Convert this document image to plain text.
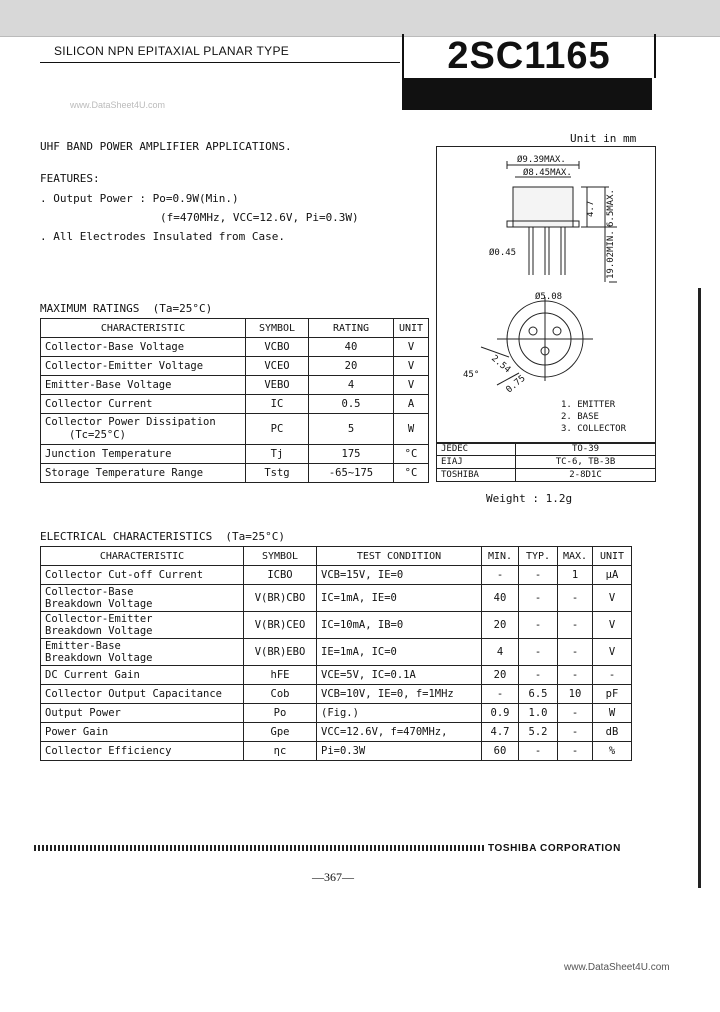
SILICON NPN EPITAXIAL PLANAR TYPE	2SC1165
www.DataSheet4U.com
UHF BAND POWER AMPLIFIER APPLICATIONS.
FEATURES:
. Output Power : Po=0.9W(Min.)
(f=470MHz, VCC=12.6V, Pi=0.3W)
. All Electrodes Insulated from Case.
Unit in mm
Ø9.39MAX.
Ø8.45MAX.
Ø0.45
Ø5.08
4.7 6.5MAX.
19.02MIN.
45° 2.54
0.75
1. EMITTER
2. BASE
3. COLLECTOR
JEDEC	TO-39
EIAJ	TC-6, TB-3B
TOSHIBA	2-8D1C
Weight : 1.2g
MAXIMUM RATINGS  (Ta=25°C)
CHARACTERISTIC	SYMBOL	RATING	UNIT
Collector-Base Voltage	VCBO	40	V
Collector-Emitter Voltage	VCEO	20	V
Emitter-Base Voltage	VEBO	4	V
Collector Current	IC	0.5	A
Collector Power Dissipation
(Tc=25°C)	PC	5	W
Junction Temperature	Tj	175	°C
Storage Temperature Range	Tstg	-65~175	°C
ELECTRICAL CHARACTERISTICS  (Ta=25°C)
CHARACTERISTIC	SYMBOL	TEST CONDITION	MIN.	TYP.	MAX.	UNIT
Collector Cut-off Current	ICBO	VCB=15V, IE=0	-	-	1	μA
Collector-Base
Breakdown Voltage	V(BR)CBO	IC=1mA, IE=0	40	-	-	V
Collector-Emitter
Breakdown Voltage	V(BR)CEO	IC=10mA, IB=0	20	-	-	V
Emitter-Base
Breakdown Voltage	V(BR)EBO	IE=1mA, IC=0	4	-	-	V
DC Current Gain	hFE	VCE=5V, IC=0.1A	20	-	-	-
Collector Output Capacitance	Cob	VCB=10V, IE=0, f=1MHz	-	6.5	10	pF
Output Power	Po	(Fig.)	0.9	1.0	-	W
Power Gain	Gpe	VCC=12.6V, f=470MHz,	4.7	5.2	-	dB
Collector Efficiency	ηc	Pi=0.3W	60	-	-	%
TOSHIBA CORPORATION
—367—
www.DataSheet4U.com
